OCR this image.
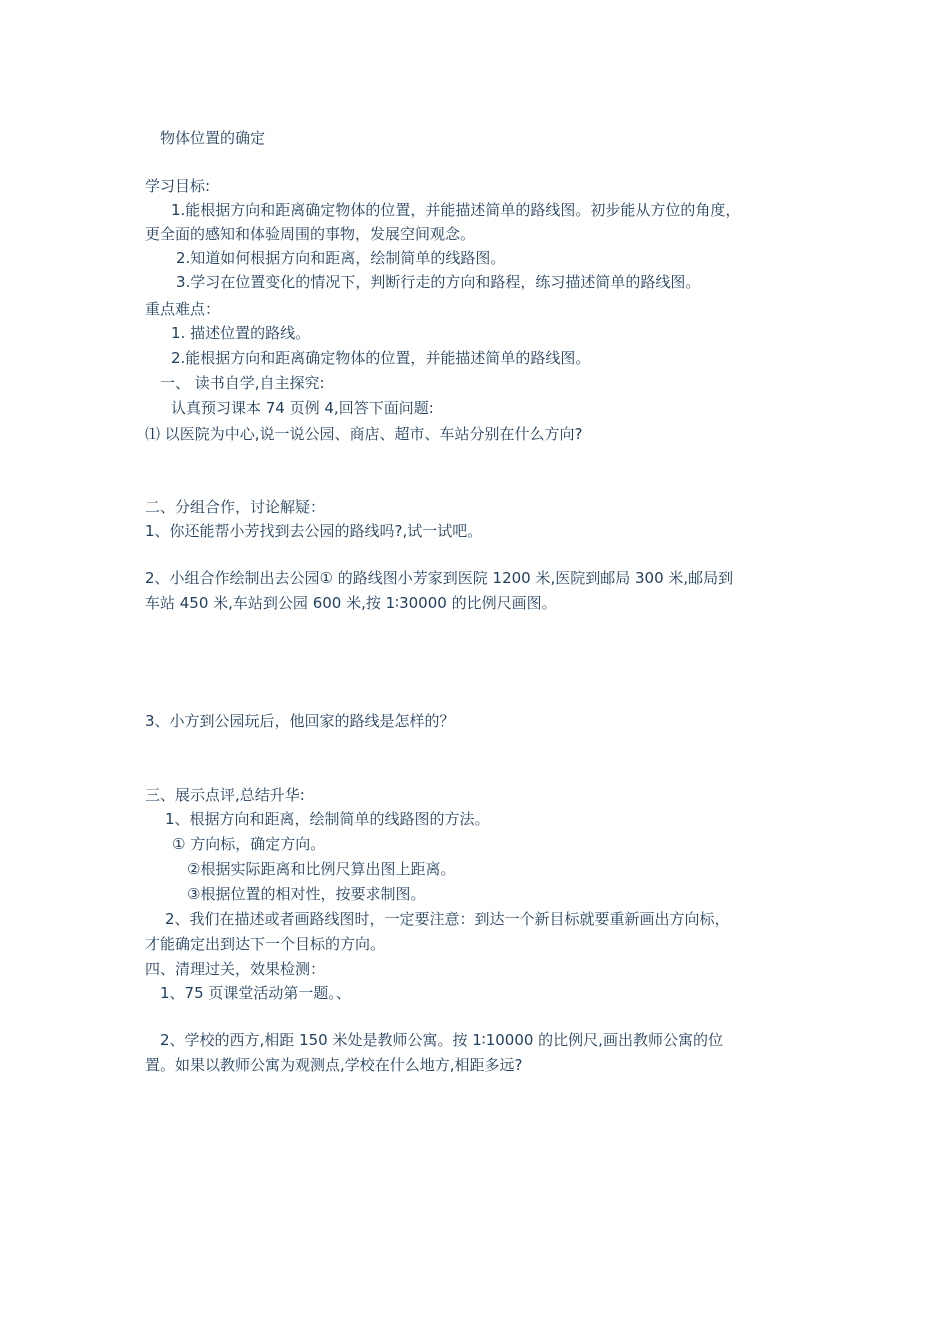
物体位置的确定
学习目标:
1.能根据方向和距离确定物体的位置，并能描述简单的路线图。初步能从方位的角度，
更全面的感知和体验周围的事物，发展空间观念。
2.知道如何根据方向和距离，绘制简单的线路图。
3.学习在位置变化的情况下，判断行走的方向和路程，练习描述简单的路线图。
重点难点：
1. 描述位置的路线。
2.能根据方向和距离确定物体的位置，并能描述简单的路线图。
一、 读书自学,自主探究:
认真预习课本 74 页例 4,回答下面问题:
⑴ 以医院为中心,说一说公园、商店、超市、车站分别在什么方向?
二、分组合作，讨论解疑：
1、你还能帮小芳找到去公园的路线吗?,试一试吧。
2、小组合作绘制出去公园① 的路线图小芳家到医院 1200 米,医院到邮局 300 米,邮局到
车站 450 米,车站到公园 600 米,按 1∶30000 的比例尺画图。
3、小方到公园玩后，他回家的路线是怎样的？
三、展示点评,总结升华:
1、根据方向和距离，绘制简单的线路图的方法。
① 方向标，确定方向。
②根据实际距离和比例尺算出图上距离。
③根据位置的相对性，按要求制图。
2、我们在描述或者画路线图时，一定要注意：到达一个新目标就要重新画出方向标，
才能确定出到达下一个目标的方向。
四、清理过关，效果检测：
1、75 页课堂活动第一题。、
2、学校的西方,相距 150 米处是教师公寓。按 1∶10000 的比例尺,画出教师公寓的位
置。如果以教师公寓为观测点,学校在什么地方,相距多远?
